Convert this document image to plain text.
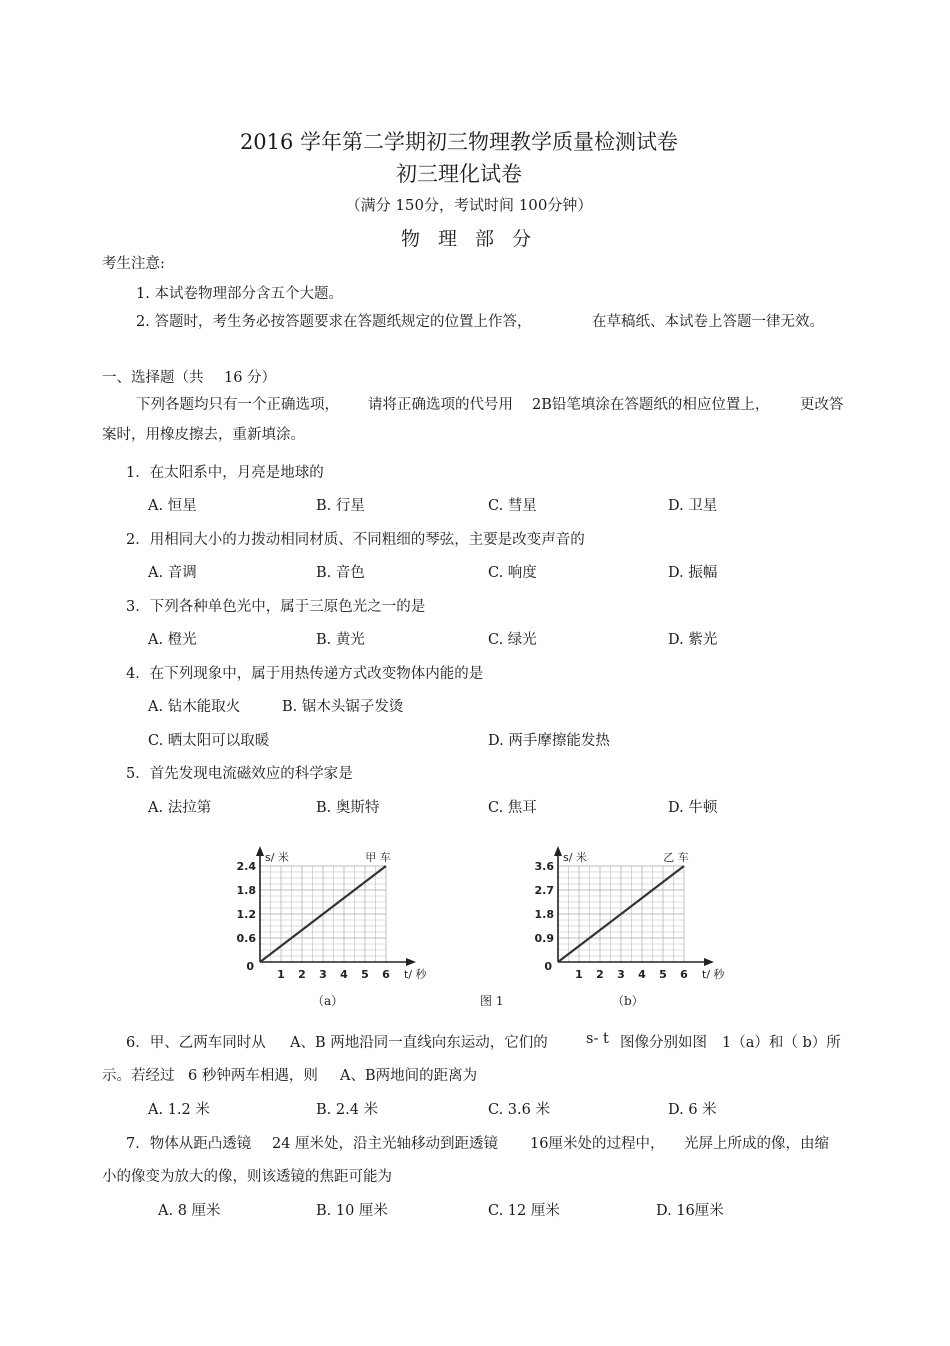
2016 学年第二学期初三物理教学质量检测试卷
初三理化试卷
（满分 150分，考试时间 100分钟）
物 理 部 分
考生注意:
1. 本试卷物理部分含五个大题。
2. 答题时，考生务必按答题要求在答题纸规定的位置上作答，	在草稿纸、本试卷上答题一律无效。
一、选择题（共 16 分）
下列各题均只有一个正确选项， 请将正确选项的代号用 2B铅笔填涂在答题纸的相应位置上， 更改答
案时，用橡皮擦去，重新填涂。
1．在太阳系中，月亮是地球的
A. 恒星	B. 行星	C. 彗星	D. 卫星
2．用相同大小的力拨动相同材质、不同粗细的琴弦，主要是改变声音的
A. 音调	B. 音色	C. 响度	D. 振幅
3．下列各种单色光中，属于三原色光之一的是
A. 橙光	B. 黄光	C. 绿光	D. 紫光
4．在下列现象中，属于用热传递方式改变物体内能的是
A. 钻木能取火	B. 锯木头锯子发烫
C. 晒太阳可以取暖	D. 两手摩擦能发热
5．首先发现电流磁效应的科学家是
A. 法拉第	B. 奥斯特	C. 焦耳	D. 牛顿
1 2 3 4 5 6
0.6
1.2
1.8
2.4
0
s/ 米
t/ 秒
甲 车
1 2 3 4 5 6
0.9
1.8
2.7
3.6
0
s/ 米
t/ 秒
乙 车
（a）	图 1	（b）
6．甲、乙两车同时从 A、B 两地沿同一直线向东运动，它们的	s- t 图像分别如图 1（a）和（ b）所
示。若经过 6 秒钟两车相遇，则 A、B两地间的距离为
A. 1.2 米	B. 2.4 米	C. 3.6 米	D. 6 米
7．物体从距凸透镜 24 厘米处，沿主光轴移动到距透镜 16厘米处的过程中， 光屏上所成的像，由缩
小的像变为放大的像，则该透镜的焦距可能为
A. 8 厘米	B. 10 厘米	C. 12 厘米	D. 16厘米
